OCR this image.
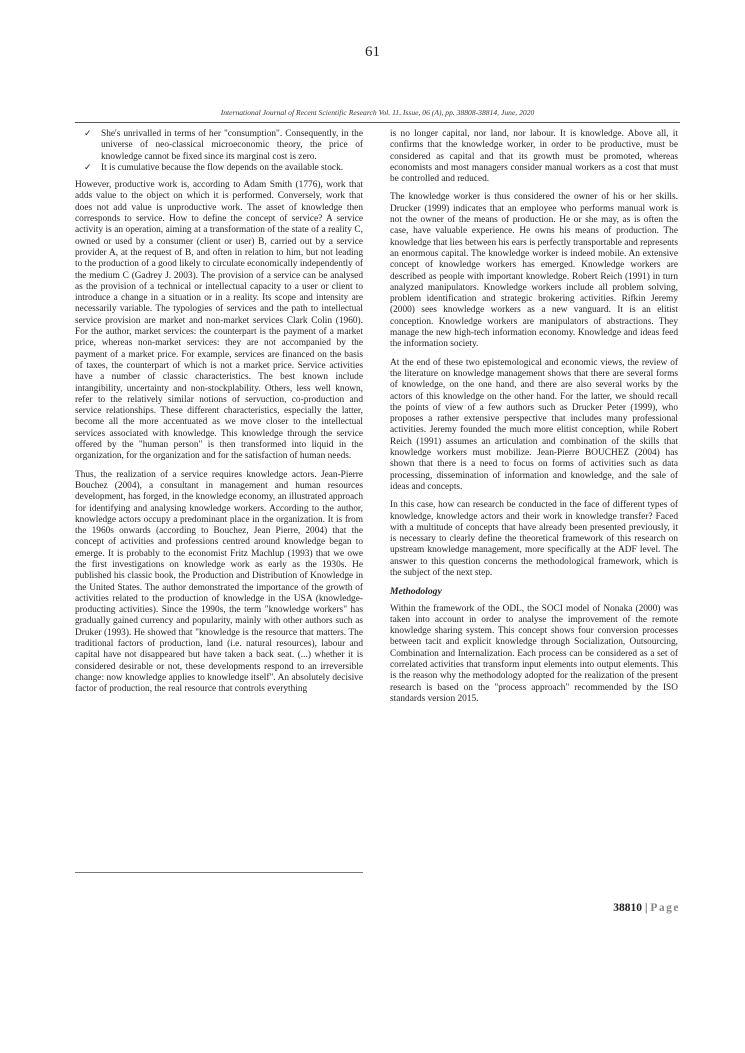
61
International Journal of Recent Scientific Research Vol. 11, Issue, 06 (A), pp. 38808-38814, June, 2020
✓ She's unrivalled in terms of her "consumption". Consequently, in the universe of neo-classical microeconomic theory, the price of knowledge cannot be fixed since its marginal cost is zero.
✓ It is cumulative because the flow depends on the available stock.

However, productive work is, according to Adam Smith (1776), work that adds value to the object on which it is performed. Conversely, work that does not add value is unproductive work. The asset of knowledge then corresponds to service. How to define the concept of service? A service activity is an operation, aiming at a transformation of the state of a reality C, owned or used by a consumer (client or user) B, carried out by a service provider A, at the request of B, and often in relation to him, but not leading to the production of a good likely to circulate economically independently of the medium C (Gadrey J. 2003). The provision of a service can be analysed as the provision of a technical or intellectual capacity to a user or client to introduce a change in a situation or in a reality. Its scope and intensity are necessarily variable. The typologies of services and the path to intellectual service provision are market and non-market services Clark Colin (1960). For the author, market services: the counterpart is the payment of a market price, whereas non-market services: they are not accompanied by the payment of a market price. For example, services are financed on the basis of taxes, the counterpart of which is not a market price. Service activities have a number of classic characteristics. The best known include intangibility, uncertainty and non-stockplability. Others, less well known, refer to the relatively similar notions of servuction, co-production and service relationships. These different characteristics, especially the latter, become all the more accentuated as we move closer to the intellectual services associated with knowledge. This knowledge through the service offered by the "human person" is then transformed into liquid in the organization, for the organization and for the satisfaction of human needs.

Thus, the realization of a service requires knowledge actors. Jean-Pierre Bouchez (2004), a consultant in management and human resources development, has forged, in the knowledge economy, an illustrated approach for identifying and analysing knowledge workers. According to the author, knowledge actors occupy a predominant place in the organization. It is from the 1960s onwards (according to Bouchez, Jean Pierre, 2004) that the concept of activities and professions centred around knowledge began to emerge. It is probably to the economist Fritz Machlup (1993) that we owe the first investigations on knowledge work as early as the 1930s. He published his classic book, the Production and Distribution of Knowledge in the United States. The author demonstrated the importance of the growth of activities related to the production of knowledge in the USA (knowledge-producting activities). Since the 1990s, the term "knowledge workers" has gradually gained currency and popularity, mainly with other authors such as Druker (1993). He showed that "knowledge is the resource that matters. The traditional factors of production, land (i.e. natural resources), labour and capital have not disappeared but have taken a back seat. (...) whether it is considered desirable or not, these developments respond to an irreversible change: now knowledge applies to knowledge itself". An absolutely decisive factor of production, the real resource that controls everything

is no longer capital, nor land, nor labour. It is knowledge. Above all, it confirms that the knowledge worker, in order to be productive, must be considered as capital and that its growth must be promoted, whereas economists and most managers consider manual workers as a cost that must be controlled and reduced.

The knowledge worker is thus considered the owner of his or her skills. Drucker (1999) indicates that an employee who performs manual work is not the owner of the means of production. He or she may, as is often the case, have valuable experience. He owns his means of production. The knowledge that lies between his ears is perfectly transportable and represents an enormous capital. The knowledge worker is indeed mobile. An extensive concept of knowledge workers has emerged. Knowledge workers are described as people with important knowledge. Robert Reich (1991) in turn analyzed manipulators. Knowledge workers include all problem solving, problem identification and strategic brokering activities. Rifkin Jeremy (2000) sees knowledge workers as a new vanguard. It is an elitist conception. Knowledge workers are manipulators of abstractions. They manage the new high-tech information economy. Knowledge and ideas feed the information society.

At the end of these two epistemological and economic views, the review of the literature on knowledge management shows that there are several forms of knowledge, on the one hand, and there are also several works by the actors of this knowledge on the other hand. For the latter, we should recall the points of view of a few authors such as Drucker Peter (1999), who proposes a rather extensive perspective that includes many professional activities. Jeremy founded the much more elitist conception, while Robert Reich (1991) assumes an articulation and combination of the skills that knowledge workers must mobilize. Jean-Pierre BOUCHEZ (2004) has shown that there is a need to focus on forms of activities such as data processing, dissemination of information and knowledge, and the sale of ideas and concepts.

In this case, how can research be conducted in the face of different types of knowledge, knowledge actors and their work in knowledge transfer? Faced with a multitude of concepts that have already been presented previously, it is necessary to clearly define the theoretical framework of this research on upstream knowledge management, more specifically at the ADF level. The answer to this question concerns the methodological framework, which is the subject of the next step.

Methodology

Within the framework of the ODL, the SOCI model of Nonaka (2000) was taken into account in order to analyse the improvement of the remote knowledge sharing system. This concept shows four conversion processes between tacit and explicit knowledge through Socialization, Outsourcing, Combination and Internalization. Each process can be considered as a set of correlated activities that transform input elements into output elements. This is the reason why the methodology adopted for the realization of the present research is based on the "process approach" recommended by the ISO standards version 2015.

38810 | Page
